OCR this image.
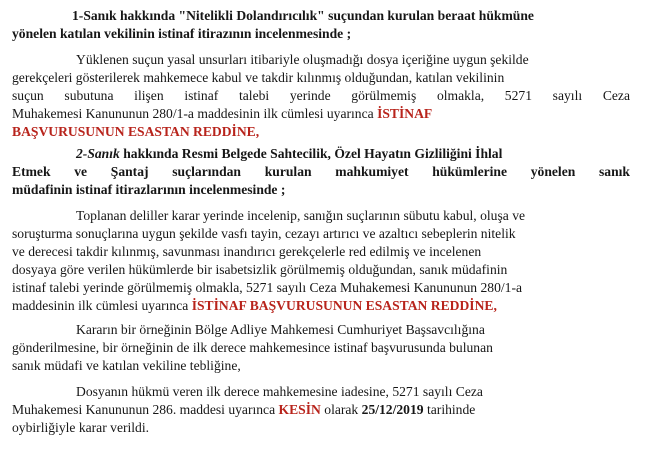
1-Sanık hakkında "Nitelikli Dolandırıcılık" suçundan kurulan beraat hükmüne
yönelen katılan vekilinin istinaf itirazının incelenmesinde ;
Yüklenen suçun yasal unsurları itibariyle oluşmadığı dosya içeriğine uygun şekilde
gerekçeleri gösterilerek mahkemece kabul ve takdir kılınmış olduğundan, katılan vekilinin
suçun subutuna ilişen istinaf talebi yerinde görülmemiş olmakla, 5271 sayılı Ceza
Muhakemesi Kanununun 280/1-a maddesinin ilk cümlesi uyarınca İSTİNAF
BAŞVURUSUNUN ESASTAN REDDİNE,
2-Sanık hakkında Resmi Belgede Sahtecilik, Özel Hayatın Gizliliğini İhlal
Etmek ve Şantaj suçlarından kurulan mahkumiyet hükümlerine yönelen sanık
müdafinin istinaf itirazlarının incelenmesinde ;
Toplanan deliller karar yerinde incelenip, sanığın suçlarının sübutu kabul, oluşa ve
soruşturma sonuçlarına uygun şekilde vasfı tayin, cezayı artırıcı ve azaltıcı sebeplerin nitelik
ve derecesi takdir kılınmış, savunması inandırıcı gerekçelerle red edilmiş ve incelenen
dosyaya göre verilen hükümlerde bir isabetsizlik görülmemiş olduğundan, sanık müdafinin
istinaf talebi yerinde görülmemiş olmakla, 5271 sayılı Ceza Muhakemesi Kanununun 280/1-a
maddesinin ilk cümlesi uyarınca İSTİNAF BAŞVURUSUNUN ESASTAN REDDİNE,
Kararın bir örneğinin Bölge Adliye Mahkemesi Cumhuriyet Başsavcılığına
gönderilmesine, bir örneğinin de ilk derece mahkemesince istinaf başvurusunda bulunan
sanık müdafi ve katılan vekiline tebliğine,
Dosyanın hükmü veren ilk derece mahkemesine iadesine, 5271 sayılı Ceza
Muhakemesi Kanununun 286. maddesi uyarınca KESİN olarak 25/12/2019 tarihinde
oybirliğiyle karar verildi.
